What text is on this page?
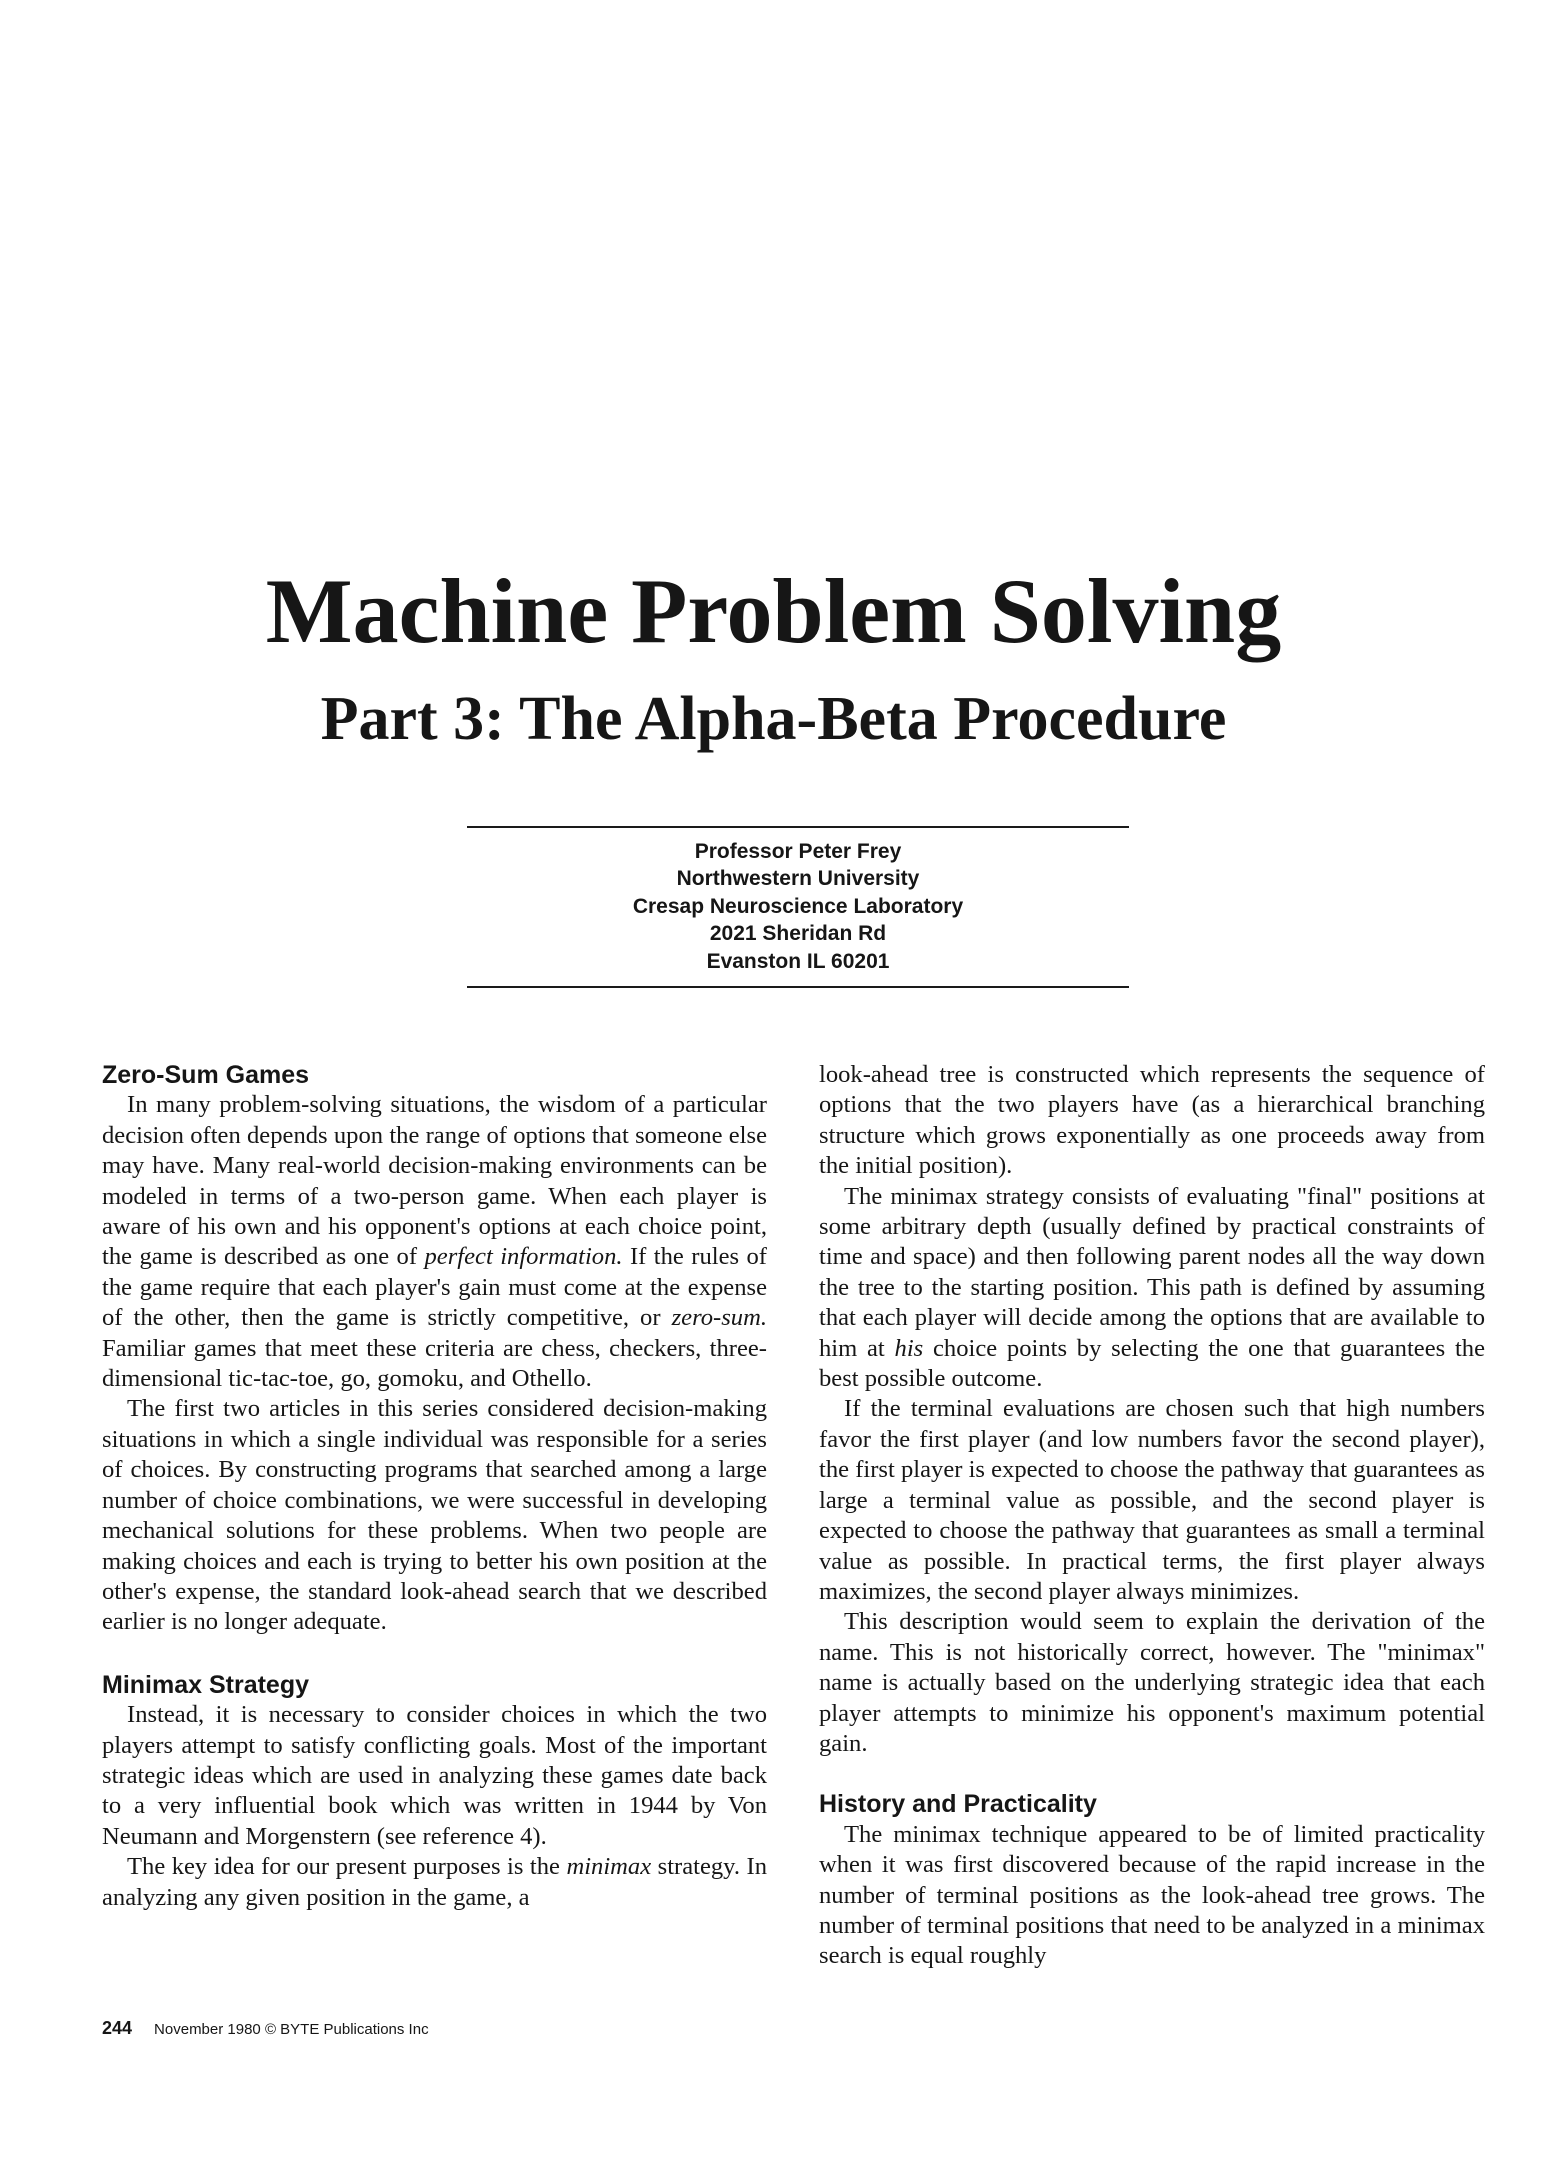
Machine Problem Solving
Part 3: The Alpha-Beta Procedure
Professor Peter Frey
Northwestern University
Cresap Neuroscience Laboratory
2021 Sheridan Rd
Evanston IL 60201
Zero-Sum Games

In many problem-solving situations, the wisdom of a particular decision often depends upon the range of options that someone else may have. Many real-world decision-making environments can be modeled in terms of a two-person game. When each player is aware of his own and his opponent's options at each choice point, the game is described as one of perfect information. If the rules of the game require that each player's gain must come at the expense of the other, then the game is strictly competitive, or zero-sum. Familiar games that meet these criteria are chess, checkers, three-dimensional tic-tac-toe, go, gomoku, and Othello.

The first two articles in this series considered decision-making situations in which a single individual was responsible for a series of choices. By constructing programs that searched among a large number of choice combinations, we were successful in developing mechanical solutions for these problems. When two people are making choices and each is trying to better his own position at the other's expense, the standard look-ahead search that we described earlier is no longer adequate.

Minimax Strategy

Instead, it is necessary to consider choices in which the two players attempt to satisfy conflicting goals. Most of the important strategic ideas which are used in analyzing these games date back to a very influential book which was written in 1944 by Von Neumann and Morgenstern (see reference 4).

The key idea for our present purposes is the minimax strategy. In analyzing any given position in the game, a

look-ahead tree is constructed which represents the sequence of options that the two players have (as a hierarchical branching structure which grows exponentially as one proceeds away from the initial position).

The minimax strategy consists of evaluating "final" positions at some arbitrary depth (usually defined by practical constraints of time and space) and then following parent nodes all the way down the tree to the starting position. This path is defined by assuming that each player will decide among the options that are available to him at his choice points by selecting the one that guarantees the best possible outcome.

If the terminal evaluations are chosen such that high numbers favor the first player (and low numbers favor the second player), the first player is expected to choose the pathway that guarantees as large a terminal value as possible, and the second player is expected to choose the pathway that guarantees as small a terminal value as possible. In practical terms, the first player always maximizes, the second player always minimizes.

This description would seem to explain the derivation of the name. This is not historically correct, however. The "minimax" name is actually based on the underlying strategic idea that each player attempts to minimize his opponent's maximum potential gain.

History and Practicality

The minimax technique appeared to be of limited practicality when it was first discovered because of the rapid increase in the number of terminal positions as the look-ahead tree grows. The number of terminal positions that need to be analyzed in a minimax search is equal roughly

244 November 1980 © BYTE Publications Inc
